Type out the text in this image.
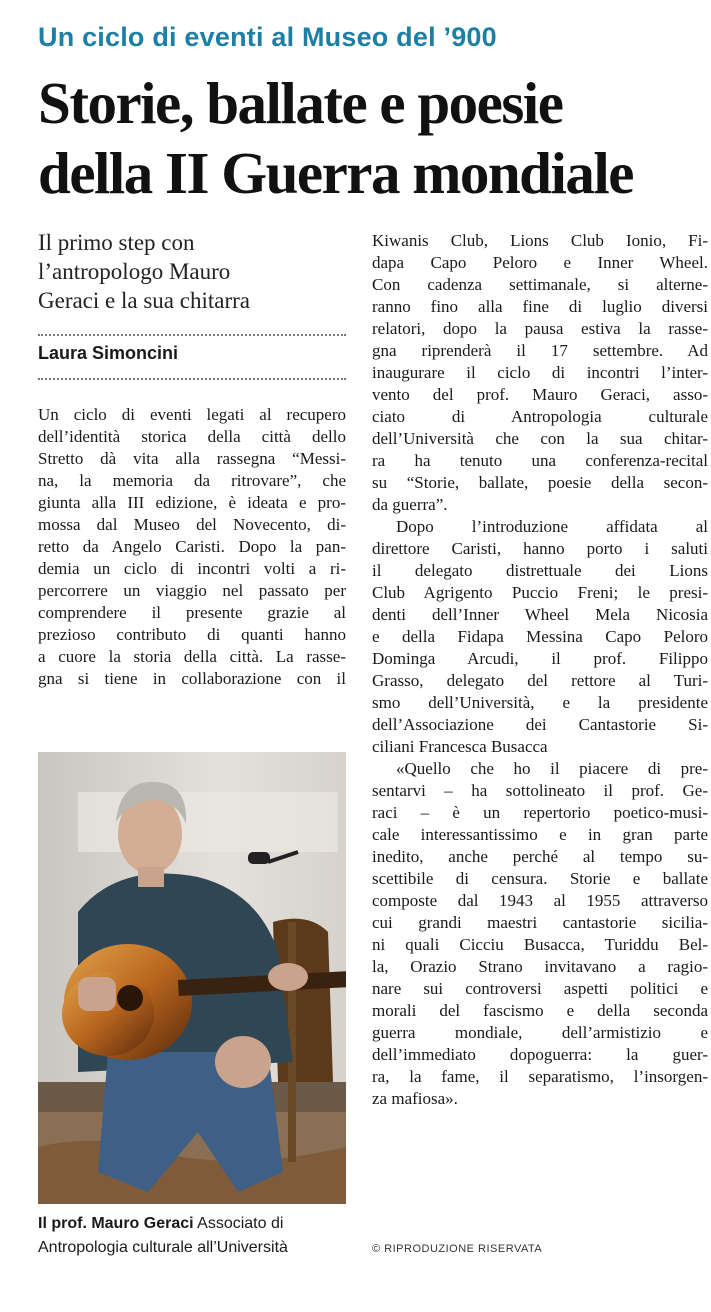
Un ciclo di eventi al Museo del ’900
Storie, ballate e poesie
della II Guerra mondiale
Il primo step con
l’antropologo Mauro
Geraci e la sua chitarra
Laura Simoncini
Un ciclo di eventi legati al recupero
dell’identità storica della città dello
Stretto dà vita alla rassegna “Messi-
na, la memoria da ritrovare”, che
giunta alla III edizione, è ideata e pro-
mossa dal Museo del Novecento, di-
retto da Angelo Caristi. Dopo la pan-
demia un ciclo di incontri volti a ri-
percorrere un viaggio nel passato per
comprendere il presente grazie al
prezioso contributo di quanti hanno
a cuore la storia della città. La rasse-
gna si tiene in collaborazione con il
Il prof. Mauro Geraci Associato di
Antropologia culturale all’Università
Kiwanis Club, Lions Club Ionio, Fi-
dapa Capo Peloro e Inner Wheel.
Con cadenza settimanale, si alterne-
ranno fino alla fine di luglio diversi
relatori, dopo la pausa estiva la rasse-
gna riprenderà il 17 settembre. Ad
inaugurare il ciclo di incontri l’inter-
vento del prof. Mauro Geraci, asso-
ciato di Antropologia culturale
dell’Università che con la sua chitar-
ra ha tenuto una conferenza-recital
su “Storie, ballate, poesie della secon-
da guerra”.
Dopo l’introduzione affidata al
direttore Caristi, hanno porto i saluti
il delegato distrettuale dei Lions
Club Agrigento Puccio Freni; le presi-
denti dell’Inner Wheel Mela Nicosia
e della Fidapa Messina Capo Peloro
Dominga Arcudi, il prof. Filippo
Grasso, delegato del rettore al Turi-
smo dell’Università, e la presidente
dell’Associazione dei Cantastorie Si-
ciliani Francesca Busacca
«Quello che ho il piacere di pre-
sentarvi – ha sottolineato il prof. Ge-
raci – è un repertorio poetico-musi-
cale interessantissimo e in gran parte
inedito, anche perché al tempo su-
scettibile di censura. Storie e ballate
composte dal 1943 al 1955 attraverso
cui grandi maestri cantastorie sicilia-
ni quali Cicciu Busacca, Turiddu Bel-
la, Orazio Strano invitavano a ragio-
nare sui controversi aspetti politici e
morali del fascismo e della seconda
guerra mondiale, dell’armistizio e
dell’immediato dopoguerra: la guer-
ra, la fame, il separatismo, l’insorgen-
za mafiosa».
© RIPRODUZIONE RISERVATA
